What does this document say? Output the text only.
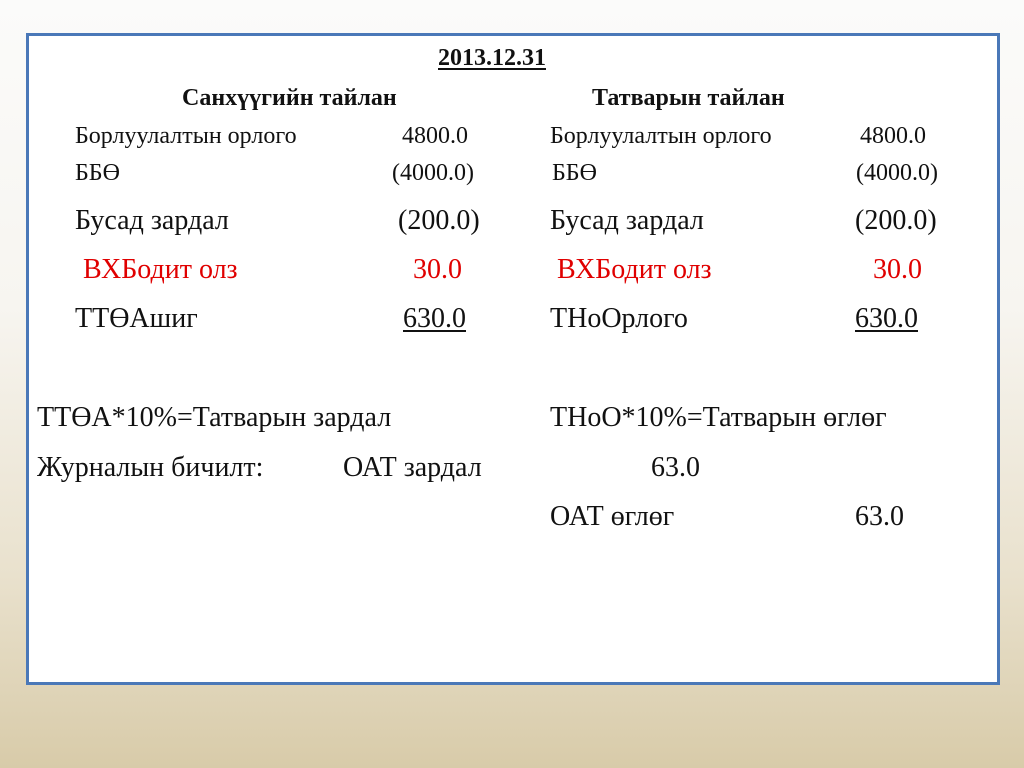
2013.12.31
Санхүүгийн тайлан	Татварын тайлан
Борлуулалтын орлого	4800.0
ББӨ	(4000.0)
Бусад зардал	(200.0)
ВХБодит олз	30.0
ТТӨАшиг	630.0
Борлуулалтын орлого	4800.0
ББӨ	(4000.0)
Бусад зардал	(200.0)
ВХБодит олз	30.0
ТНоОрлого	630.0
ТТӨА*10%=Татварын зардал	ТНоО*10%=Татварын өглөг
Журналын бичилт:	ОАТ зардал	63.0
ОАТ өглөг	63.0
